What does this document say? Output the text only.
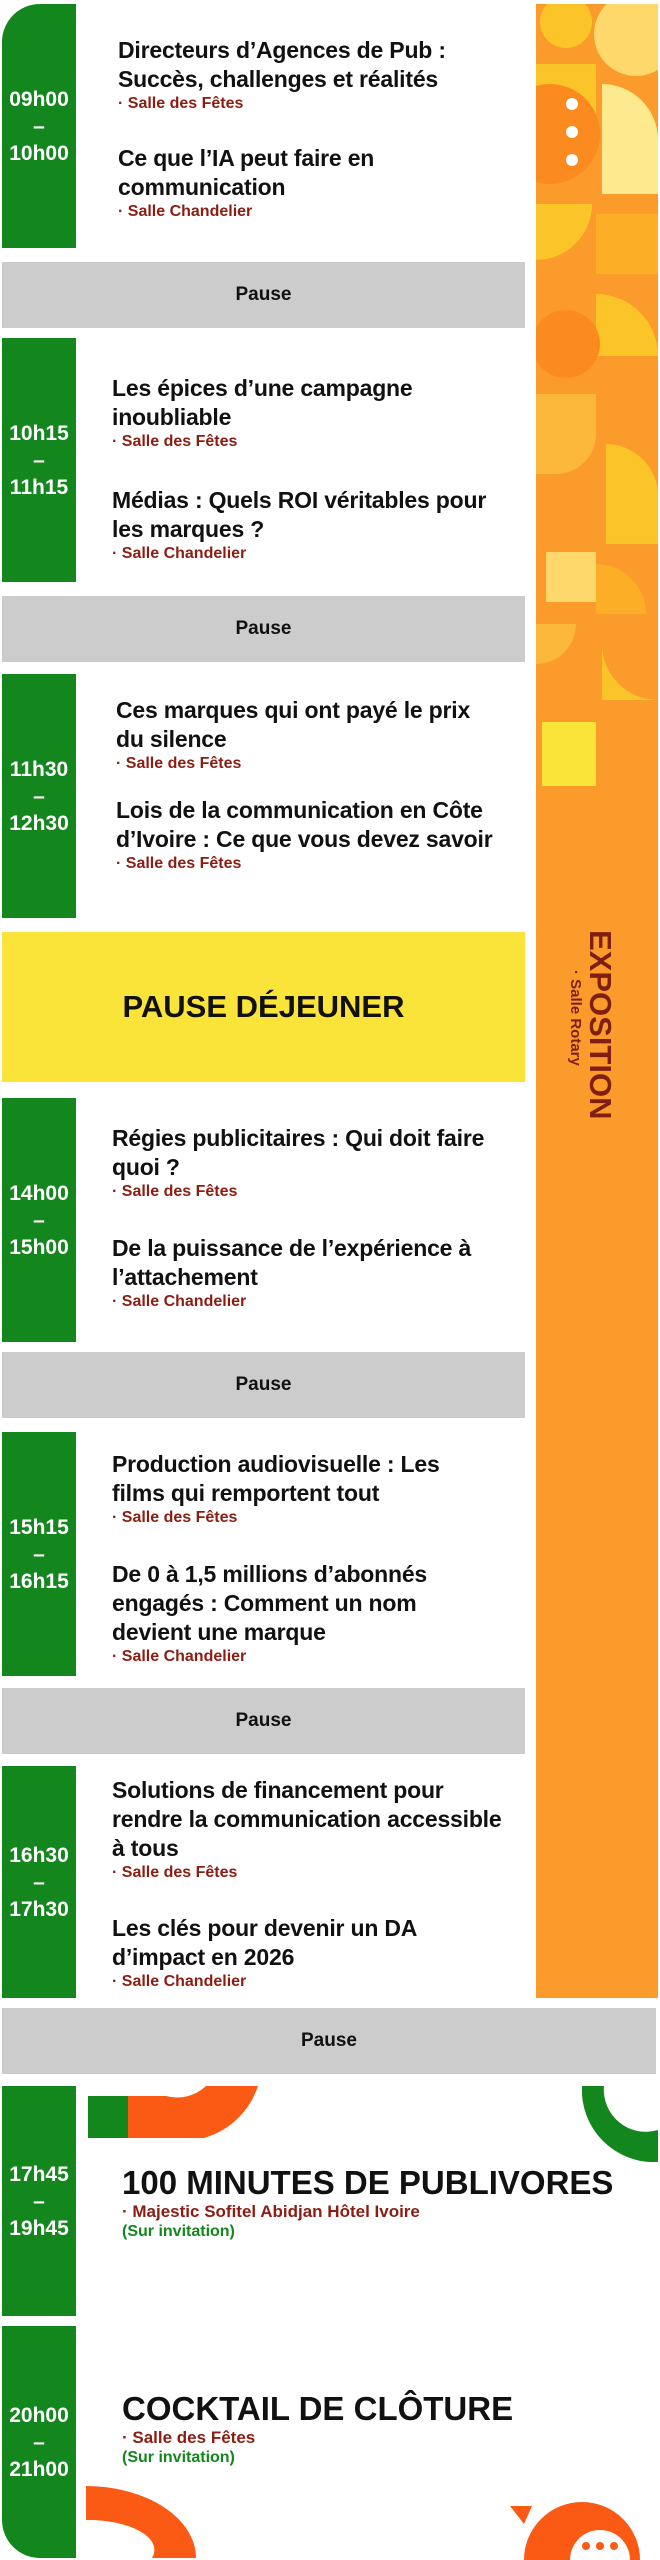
09h00
–
10h00
Directeurs d’Agences de Pub : Succès, challenges et réalités
· Salle des Fêtes
Ce que l’IA peut faire en communication
· Salle Chandelier
Pause
10h15
–
11h15
Les épices d’une campagne inoubliable
· Salle des Fêtes
Médias : Quels ROI véritables pour les marques ?
· Salle Chandelier
Pause
11h30
–
12h30
Ces marques qui ont payé le prix du silence
· Salle des Fêtes
Lois de la communication en Côte d’Ivoire : Ce que vous devez savoir
· Salle des Fêtes
PAUSE DÉJEUNER
14h00
–
15h00
Régies publicitaires : Qui doit faire quoi ?
· Salle des Fêtes
De la puissance de l’expérience à l’attachement
· Salle Chandelier
Pause
15h15
–
16h15
Production audiovisuelle : Les films qui remportent tout
· Salle des Fêtes
De 0 à 1,5 millions d’abonnés engagés : Comment un nom devient une marque
· Salle Chandelier
Pause
16h30
–
17h30
Solutions de financement pour rendre la communication accessible à tous
· Salle des Fêtes
Les clés pour devenir un DA d’impact en 2026
· Salle Chandelier
EXPOSITION
· Salle Rotary
Pause
17h45
–
19h45
100 MINUTES DE PUBLIVORES
· Majestic Sofitel Abidjan Hôtel Ivoire
(Sur invitation)
20h00
–
21h00
COCKTAIL DE CLÔTURE
· Salle des Fêtes
(Sur invitation)
